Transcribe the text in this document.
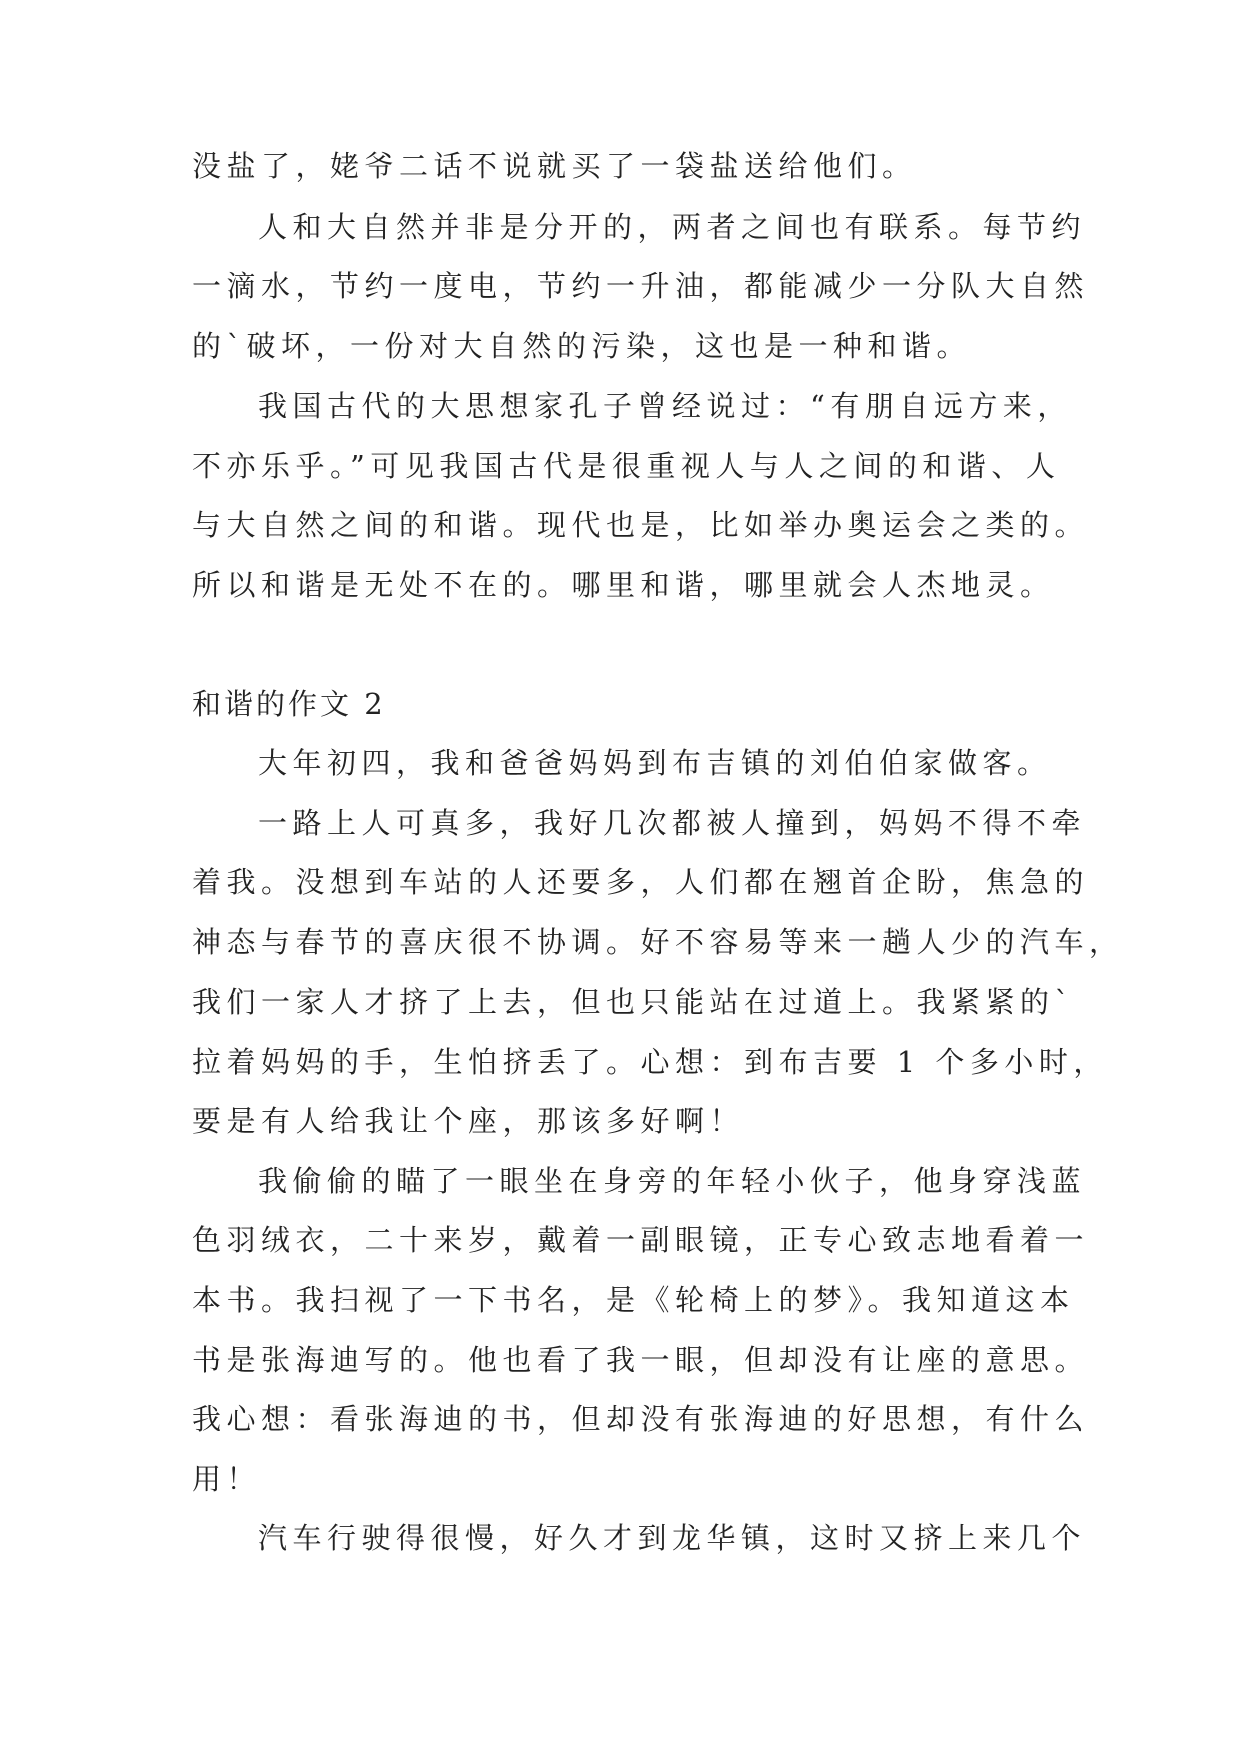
没盐了，姥爷二话不说就买了一袋盐送给他们。
人和大自然并非是分开的，两者之间也有联系。每节约
一滴水，节约一度电，节约一升油，都能减少一分队大自然
的`破坏，一份对大自然的污染，这也是一种和谐。
我国古代的大思想家孔子曾经说过：“有朋自远方来，
不亦乐乎。”可见我国古代是很重视人与人之间的和谐、人
与大自然之间的和谐。现代也是，比如举办奥运会之类的。
所以和谐是无处不在的。哪里和谐，哪里就会人杰地灵。
和谐的作文 2
大年初四，我和爸爸妈妈到布吉镇的刘伯伯家做客。
一路上人可真多，我好几次都被人撞到，妈妈不得不牵
着我。没想到车站的人还要多，人们都在翘首企盼，焦急的
神态与春节的喜庆很不协调。好不容易等来一趟人少的汽车，
我们一家人才挤了上去，但也只能站在过道上。我紧紧的`
拉着妈妈的手，生怕挤丢了。心想：到布吉要 1 个多小时，
要是有人给我让个座，那该多好啊！
我偷偷的瞄了一眼坐在身旁的年轻小伙子，他身穿浅蓝
色羽绒衣，二十来岁，戴着一副眼镜，正专心致志地看着一
本书。我扫视了一下书名，是《轮椅上的梦》。我知道这本
书是张海迪写的。他也看了我一眼，但却没有让座的意思。
我心想：看张海迪的书，但却没有张海迪的好思想，有什么
用！
汽车行驶得很慢，好久才到龙华镇，这时又挤上来几个
